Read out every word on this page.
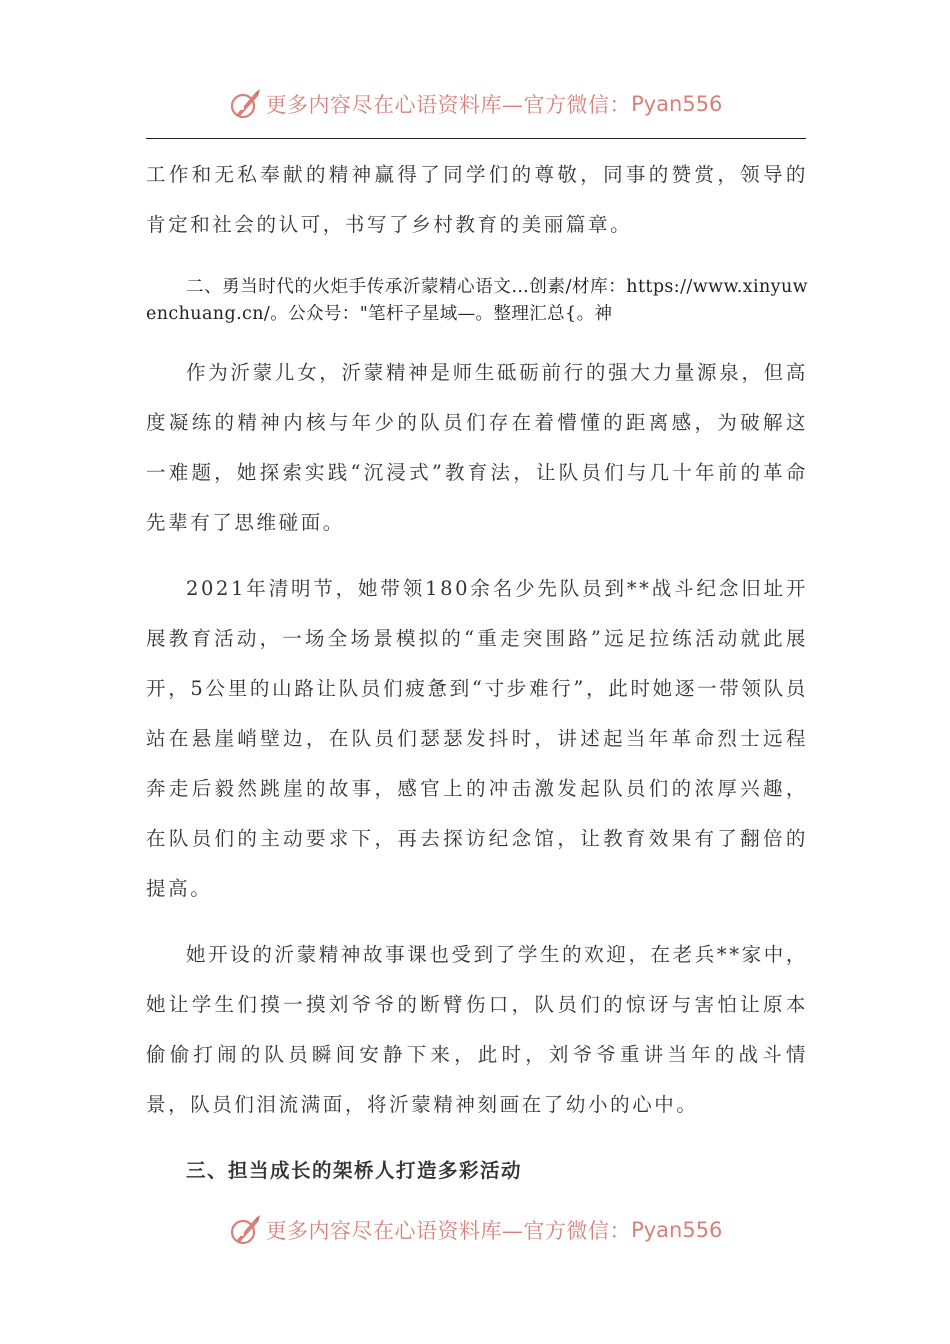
更多内容尽在心语资料库—官方微信： Pyan556

工作和无私奉献的精神赢得了同学们的尊敬，同事的赞赏，领导的肯定和社会的认可，书写了乡村教育的美丽篇章。

二、勇当时代的火炬手传承沂蒙精心语文…创素/材库：https://www.xinyuwenchuang.cn/。公众号："笔杆子星域—。整理汇总{。神

作为沂蒙儿女，沂蒙精神是师生砥砺前行的强大力量源泉，但高度凝练的精神内核与年少的队员们存在着懵懂的距离感，为破解这一难题，她探索实践“沉浸式”教育法，让队员们与几十年前的革命先辈有了思维碰面。

2021年清明节，她带领180余名少先队员到**战斗纪念旧址开展教育活动，一场全场景模拟的“重走突围路”远足拉练活动就此展开，5公里的山路让队员们疲惫到“寸步难行”，此时她逐一带领队员站在悬崖峭壁边，在队员们瑟瑟发抖时，讲述起当年革命烈士远程奔走后毅然跳崖的故事，感官上的冲击激发起队员们的浓厚兴趣，在队员们的主动要求下，再去探访纪念馆，让教育效果有了翻倍的提高。

她开设的沂蒙精神故事课也受到了学生的欢迎，在老兵**家中，她让学生们摸一摸刘爷爷的断臂伤口，队员们的惊讶与害怕让原本偷偷打闹的队员瞬间安静下来，此时，刘爷爷重讲当年的战斗情景，队员们泪流满面，将沂蒙精神刻画在了幼小的心中。

三、担当成长的架桥人打造多彩活动

更多内容尽在心语资料库—官方微信： Pyan556
